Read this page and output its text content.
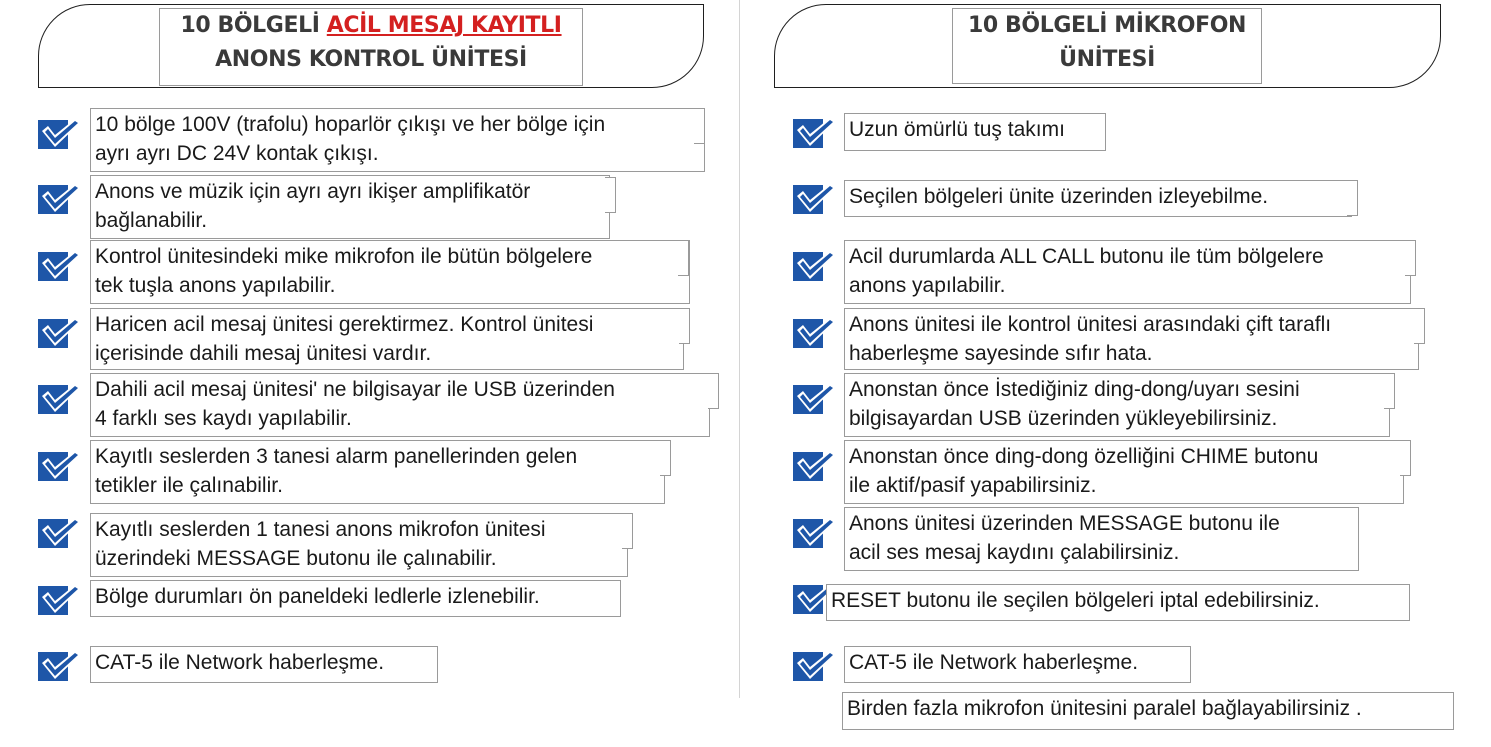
10 BÖLGELİ ACİL MESAJ KAYITLI
ANONS KONTROL ÜNİTESİ
10 BÖLGELİ MİKROFON
ÜNİTESİ
10 bölge 100V (trafolu) hoparlör çıkışı ve her bölge için
ayrı ayrı DC 24V kontak çıkışı.
Anons ve müzik için ayrı ayrı ikişer amplifikatör
bağlanabilir.
Kontrol ünitesindeki mike mikrofon ile bütün bölgelere
tek tuşla anons yapılabilir.
Haricen acil mesaj ünitesi gerektirmez. Kontrol ünitesi
içerisinde dahili mesaj ünitesi vardır.
Dahili acil mesaj ünitesi' ne bilgisayar ile USB üzerinden
4 farklı ses kaydı yapılabilir.
Kayıtlı seslerden 3 tanesi alarm panellerinden gelen
tetikler ile çalınabilir.
Kayıtlı seslerden 1 tanesi anons mikrofon ünitesi
üzerindeki MESSAGE butonu ile çalınabilir.
Bölge durumları ön paneldeki ledlerle izlenebilir.
CAT-5 ile Network haberleşme.
Uzun ömürlü tuş takımı
Seçilen bölgeleri ünite üzerinden izleyebilme.
Acil durumlarda ALL CALL butonu ile tüm bölgelere
anons yapılabilir.
Anons ünitesi ile kontrol ünitesi arasındaki çift taraflı
haberleşme sayesinde sıfır hata.
Anonstan önce İstediğiniz ding-dong/uyarı sesini
bilgisayardan USB üzerinden yükleyebilirsiniz.
Anonstan önce ding-dong özelliğini CHIME butonu
ile aktif/pasif yapabilirsiniz.
Anons ünitesi üzerinden MESSAGE butonu ile
acil ses mesaj kaydını çalabilirsiniz.
RESET butonu ile seçilen bölgeleri iptal edebilirsiniz.
CAT-5 ile Network haberleşme.
Birden fazla mikrofon ünitesini paralel bağlayabilirsiniz .
